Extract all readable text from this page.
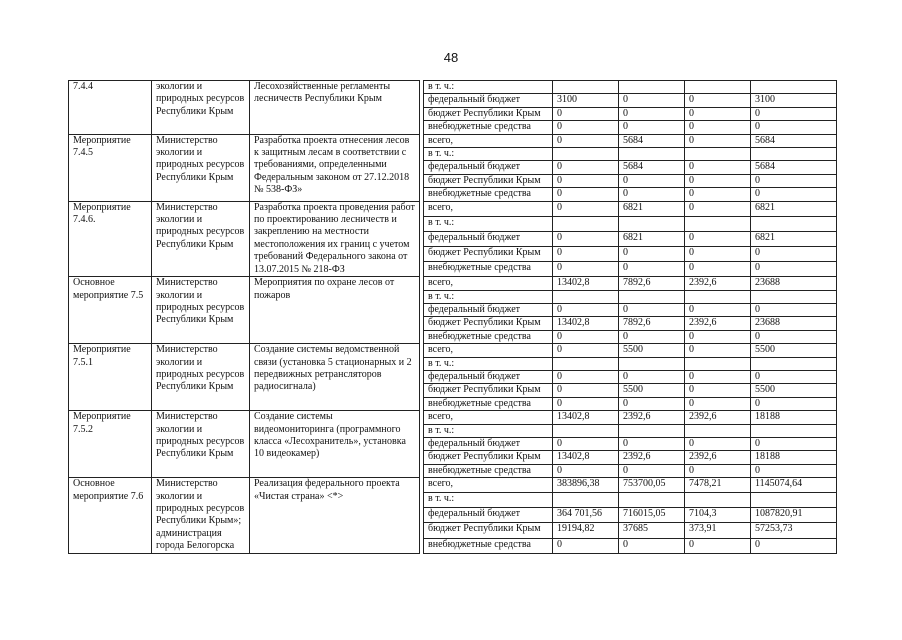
48
7.4.4	экологии и природных ресурсов Республики Крым	Лесохозяйственные регламенты лесничеств Республики Крым		в т. ч.:				
				федеральный бюджет	3100	0	0	3100
				бюджет Республики Крым	0	0	0	0
				внебюджетные средства	0	0	0	0
Мероприятие 7.4.5	Министерство экологии и природных ресурсов Республики Крым	Разработка проекта отнесения лесов к защитным лесам в соответствии с требованиями, определенными Федеральным законом от 27.12.2018 № 538-ФЗ»		всего,	0	5684	0	5684
				в т. ч.:				
				федеральный бюджет	0	5684	0	5684
				бюджет Республики Крым	0	0	0	0
				внебюджетные средства	0	0	0	0
Мероприятие 7.4.6.	Министерство экологии и природных ресурсов Республики Крым	Разработка проекта проведения работ по проектированию лесничеств и закреплению на местности местоположения их границ с учетом требований Федерального закона от 13.07.2015 № 218-ФЗ		всего,	0	6821	0	6821
				в т. ч.:				
				федеральный бюджет	0	6821	0	6821
				бюджет Республики Крым	0	0	0	0
				внебюджетные средства	0	0	0	0
Основное мероприятие 7.5	Министерство экологии и природных ресурсов Республики Крым	Мероприятия по охране лесов от пожаров		всего,	13402,8	7892,6	2392,6	23688
				в т. ч.:				
				федеральный бюджет	0	0	0	0
				бюджет Республики Крым	13402,8	7892,6	2392,6	23688
				внебюджетные средства	0	0	0	0
Мероприятие 7.5.1	Министерство экологии и природных ресурсов Республики Крым	Создание системы ведомственной связи (установка 5 стационарных и 2 передвижных ретрансляторов радиосигнала)		всего,	0	5500	0	5500
				в т. ч.:				
				федеральный бюджет	0	0	0	0
				бюджет Республики Крым	0	5500	0	5500
				внебюджетные средства	0	0	0	0
Мероприятие 7.5.2	Министерство экологии и природных ресурсов Республики Крым	Создание системы видеомониторинга (программного класса «Лесохранитель», установка 10 видеокамер)		всего,	13402,8	2392,6	2392,6	18188
				в т. ч.:				
				федеральный бюджет	0	0	0	0
				бюджет Республики Крым	13402,8	2392,6	2392,6	18188
				внебюджетные средства	0	0	0	0
Основное мероприятие 7.6	Министерство экологии и природных ресурсов Республики Крым»; администрация города Белогорска	Реализация федерального проекта «Чистая страна» <*>		всего,	383896,38	753700,05	7478,21	1145074,64
				в т. ч.:				
				федеральный бюджет	364 701,56	716015,05	7104,3	1087820,91
				бюджет Республики Крым	19194,82	37685	373,91	57253,73
				внебюджетные средства	0	0	0	0
